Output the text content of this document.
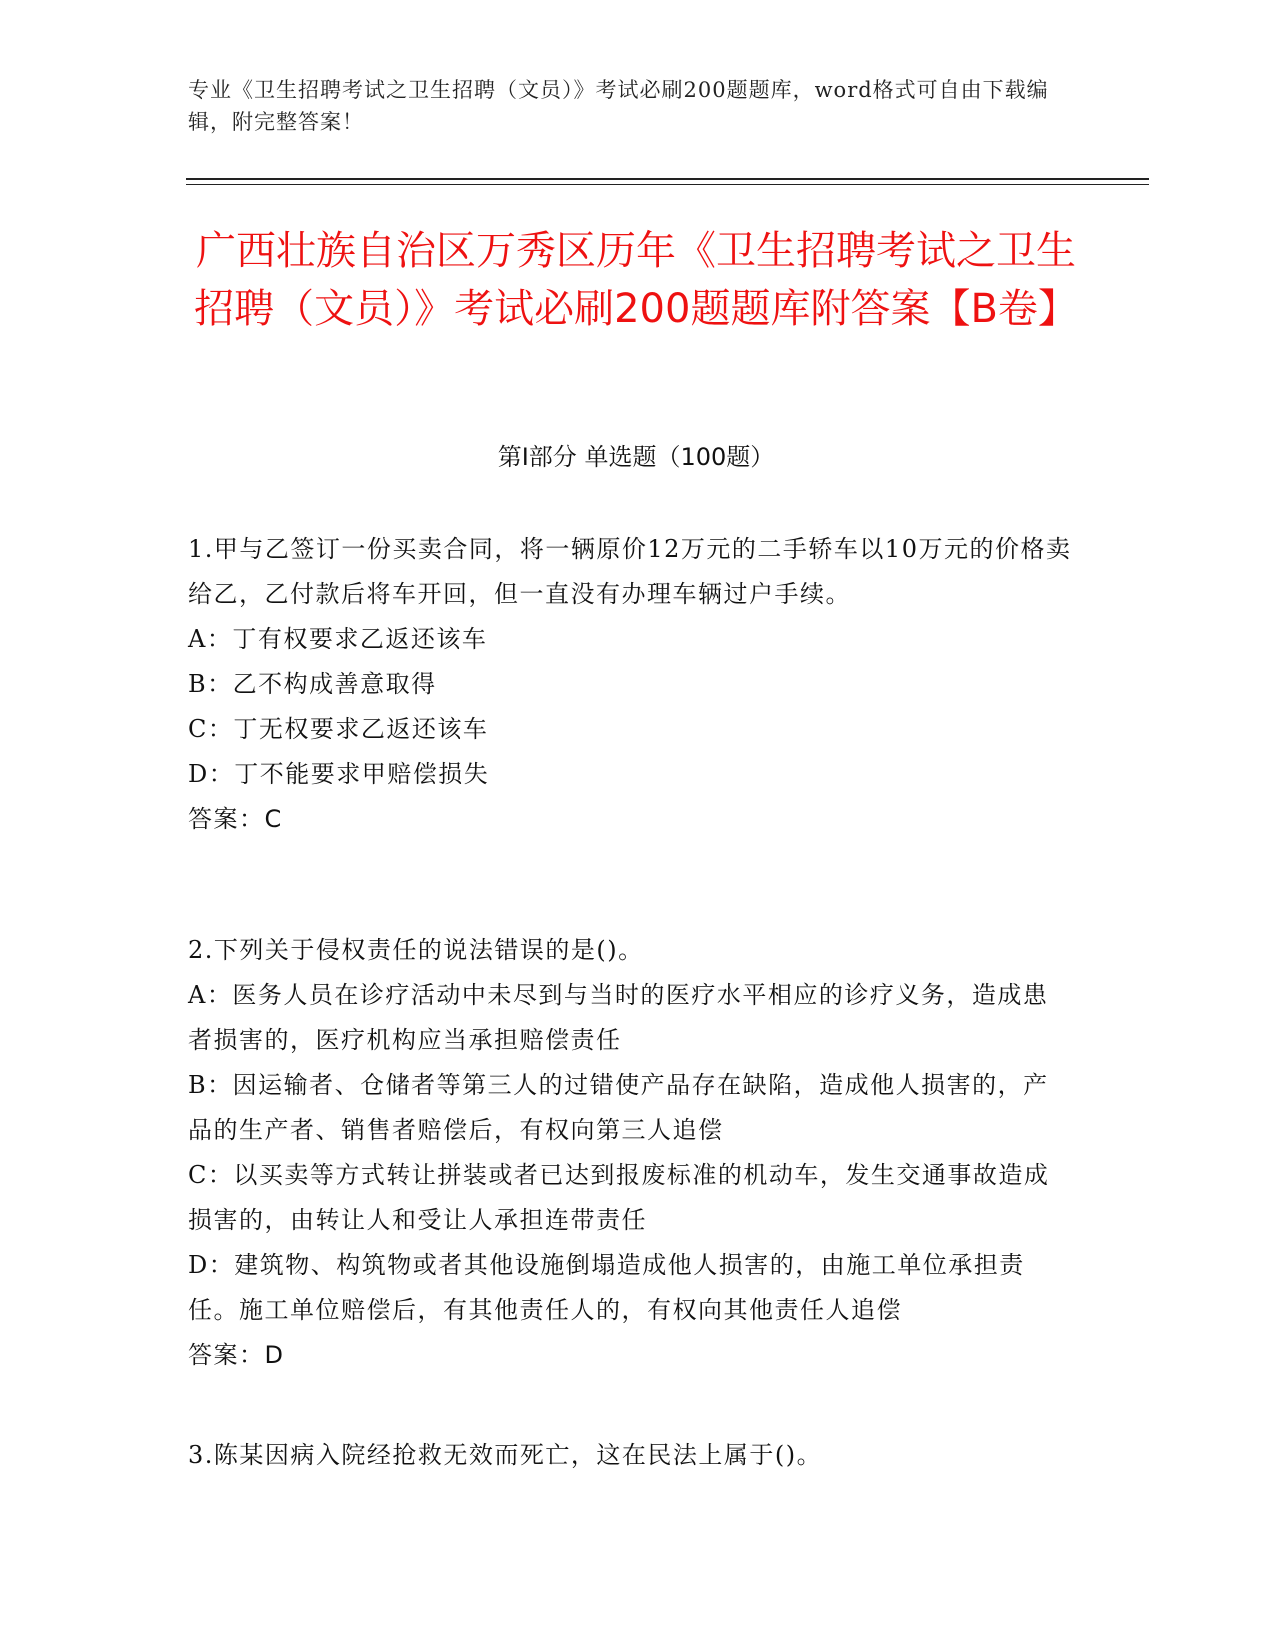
专业《卫生招聘考试之卫生招聘（文员）》考试必刷200题题库，word格式可自由下载编辑，附完整答案！
广西壮族自治区万秀区历年《卫生招聘考试之卫生招聘（文员）》考试必刷200题题库附答案【B卷】
第Ⅰ部分 单选题（100题）

1.甲与乙签订一份买卖合同，将一辆原价12万元的二手轿车以10万元的价格卖给乙，乙付款后将车开回，但一直没有办理车辆过户手续。

A：丁有权要求乙返还该车

B：乙不构成善意取得

C：丁无权要求乙返还该车

D：丁不能要求甲赔偿损失

答案：C

2.下列关于侵权责任的说法错误的是()。

A：医务人员在诊疗活动中未尽到与当时的医疗水平相应的诊疗义务，造成患者损害的，医疗机构应当承担赔偿责任

B：因运输者、仓储者等第三人的过错使产品存在缺陷，造成他人损害的，产品的生产者、销售者赔偿后，有权向第三人追偿

C：以买卖等方式转让拼装或者已达到报废标准的机动车，发生交通事故造成损害的，由转让人和受让人承担连带责任

D：建筑物、构筑物或者其他设施倒塌造成他人损害的，由施工单位承担责任。施工单位赔偿后，有其他责任人的，有权向其他责任人追偿

答案：D

3.陈某因病入院经抢救无效而死亡，这在民法上属于()。
